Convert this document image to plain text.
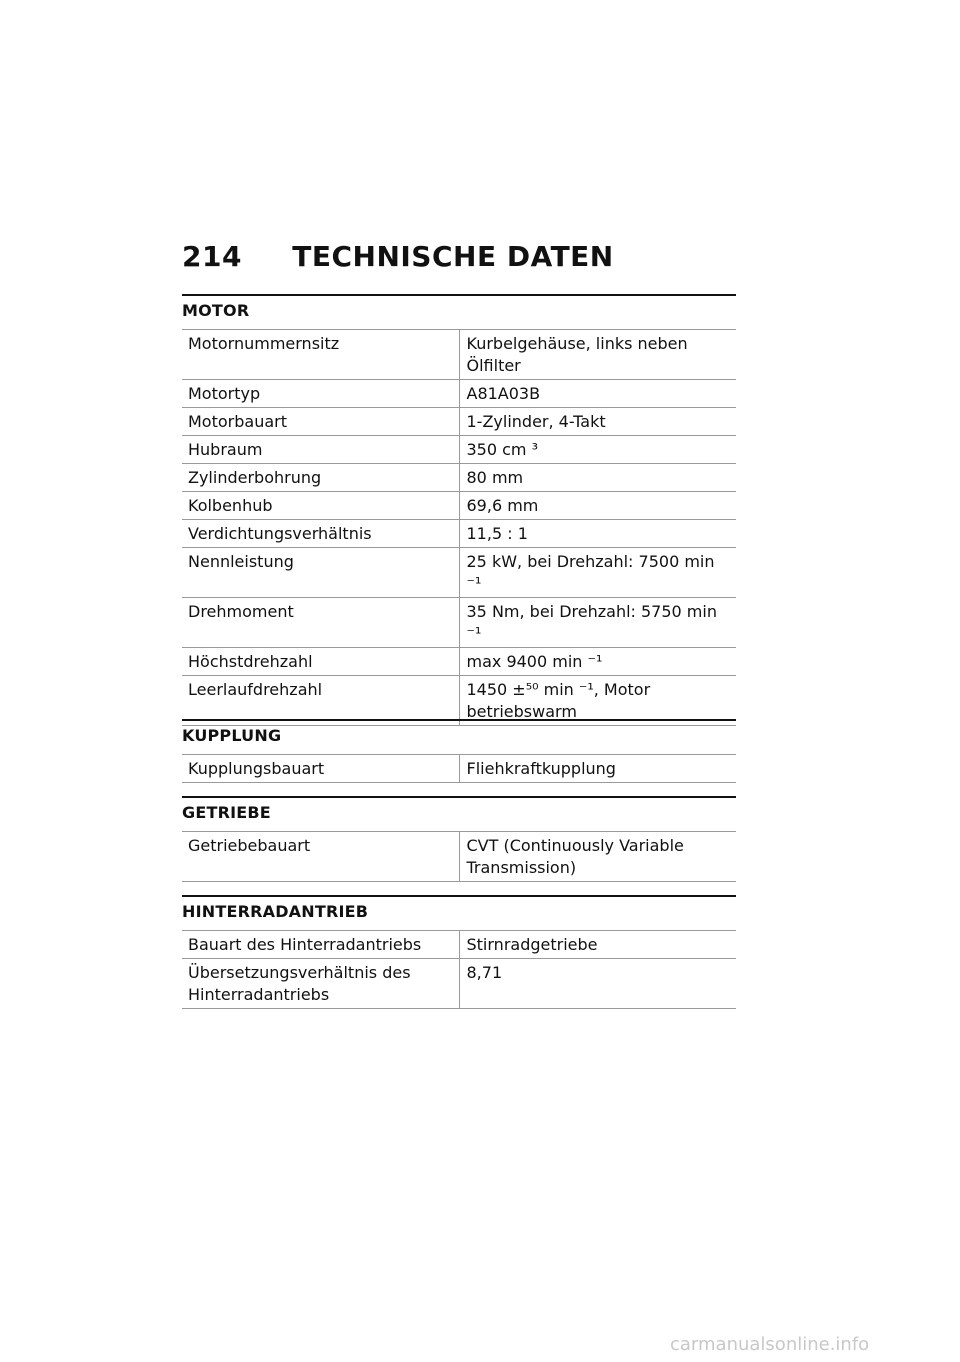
214 TECHNISCHE DATEN
MOTOR
Motornummernsitz	Kurbelgehäuse, links neben Ölfilter
Motortyp	A81A03B
Motorbauart	1-Zylinder, 4-Takt
Hubraum	350 cm ³
Zylinderbohrung	80 mm
Kolbenhub	69,6 mm
Verdichtungsverhältnis	11,5 : 1
Nennleistung	25 kW, bei Drehzahl: 7500 min ⁻¹
Drehmoment	35 Nm, bei Drehzahl: 5750 min ⁻¹
Höchstdrehzahl	max 9400 min ⁻¹
Leerlaufdrehzahl	1450 ±⁵⁰ min ⁻¹, Motor betriebswarm
KUPPLUNG
Kupplungsbauart	Fliehkraftkupplung
GETRIEBE
Getriebebauart	CVT (Continuously Variable Transmission)
HINTERRADANTRIEB
Bauart des Hinterradantriebs	Stirnradgetriebe
Übersetzungsverhältnis des Hinterradantriebs	8,71
carmanualsonline.info
